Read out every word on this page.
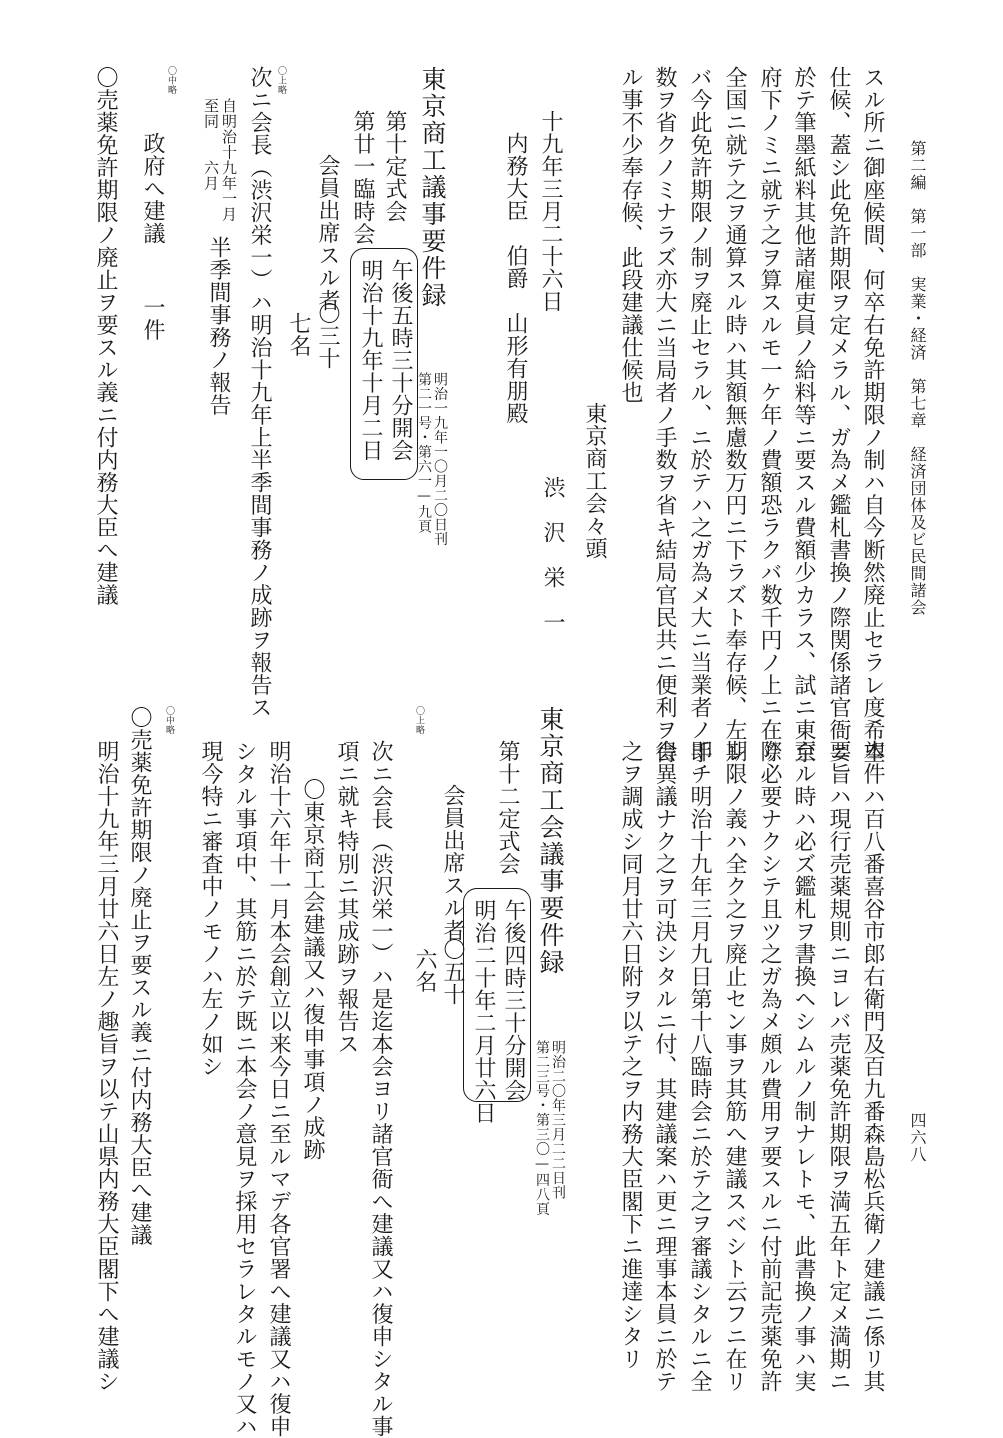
第二編　第一部　実業・経済　第七章　経済団体及ビ民間諸会
四六八
スル所ニ御座候間、何卒右免許期限ノ制ハ自今断然廃止セラレ度希望
仕候、蓋シ此免許期限ヲ定メラル、ガ為メ鑑札書換ノ際関係諸官衙ニ
於テ筆墨紙料其他諸雇吏員ノ給料等ニ要スル費額少カラス、試ニ東京
府下ノミニ就テ之ヲ算スルモ一ケ年ノ費額恐ラクバ数千円ノ上ニ在リ
全国ニ就テ之ヲ通算スル時ハ其額無慮数万円ニ下ラズト奉存候、左レ
バ今此免許期限ノ制ヲ廃止セラル、ニ於テハ之ガ為メ大ニ当業者ノ手
数ヲ省クノミナラズ亦大ニ当局者ノ手数ヲ省キ結局官民共ニ便利ヲ得
ル事不少奉存候、此段建議仕候也
東京商工会々頭
渋　沢　栄　一
十九年三月二十六日
内務大臣　伯爵　山形有朋殿
東京商工議事要件録
第二一号・第六一—九頁 明治一九年一〇月二〇日刊
第十定式会
第廿一臨時会
明治十九年十月二日 午後五時三十分開会
会員出席スル者
〇三十
七名
〇上略
次ニ会長（渋沢栄一）ハ明治十九年上半季間事務ノ成跡ヲ報告ス
自明治十九年一月
至同　　六月
半季間事務ノ報告
〇中略
政府へ建議
一件
〇売薬免許期限ノ廃止ヲ要スル義ニ付内務大臣へ建議
本件ハ百八番喜谷市郎右衛門及百九番森島松兵衛ノ建議ニ係リ其
要旨ハ現行売薬規則ニヨレバ売薬免許期限ヲ満五年ト定メ満期ニ
至ル時ハ必ズ鑑札ヲ書換ヘシムルノ制ナレトモ、此書換ノ事ハ実
際必要ナクシテ且ツ之ガ為メ頗ル費用ヲ要スルニ付前記売薬免許
期限ノ義ハ全ク之ヲ廃止セン事ヲ其筋へ建議スベシト云フニ在リ
即チ明治十九年三月九日第十八臨時会ニ於テ之ヲ審議シタルニ全
会異議ナク之ヲ可決シタルニ付、其建議案ハ更ニ理事本員ニ於テ
之ヲ調成シ同月廿六日附ヲ以テ之ヲ内務大臣閣下ニ進達シタリ
東京商工会議事要件録
第二三号・第三〇—四八頁 明治二〇年三月二二日刊
第十二定式会
明治二十年二月廿六日 午後四時三十分開会
会員出席スル者
〇五十
六名
〇上略
次ニ会長（渋沢栄一）ハ是迄本会ヨリ諸官衙へ建議又ハ復申シタル事
項ニ就キ特別ニ其成跡ヲ報告ス
〇東京商工会建議又ハ復申事項ノ成跡
明治十六年十一月本会創立以来今日ニ至ルマデ各官署へ建議又ハ復申
シタル事項中、其筋ニ於テ既ニ本会ノ意見ヲ採用セラレタルモノ又ハ
現今特ニ審査中ノモノハ左ノ如シ
〇中略
〇売薬免許期限ノ廃止ヲ要スル義ニ付内務大臣へ建議
明治十九年三月廿六日左ノ趣旨ヲ以テ山県内務大臣閣下へ建議シ
